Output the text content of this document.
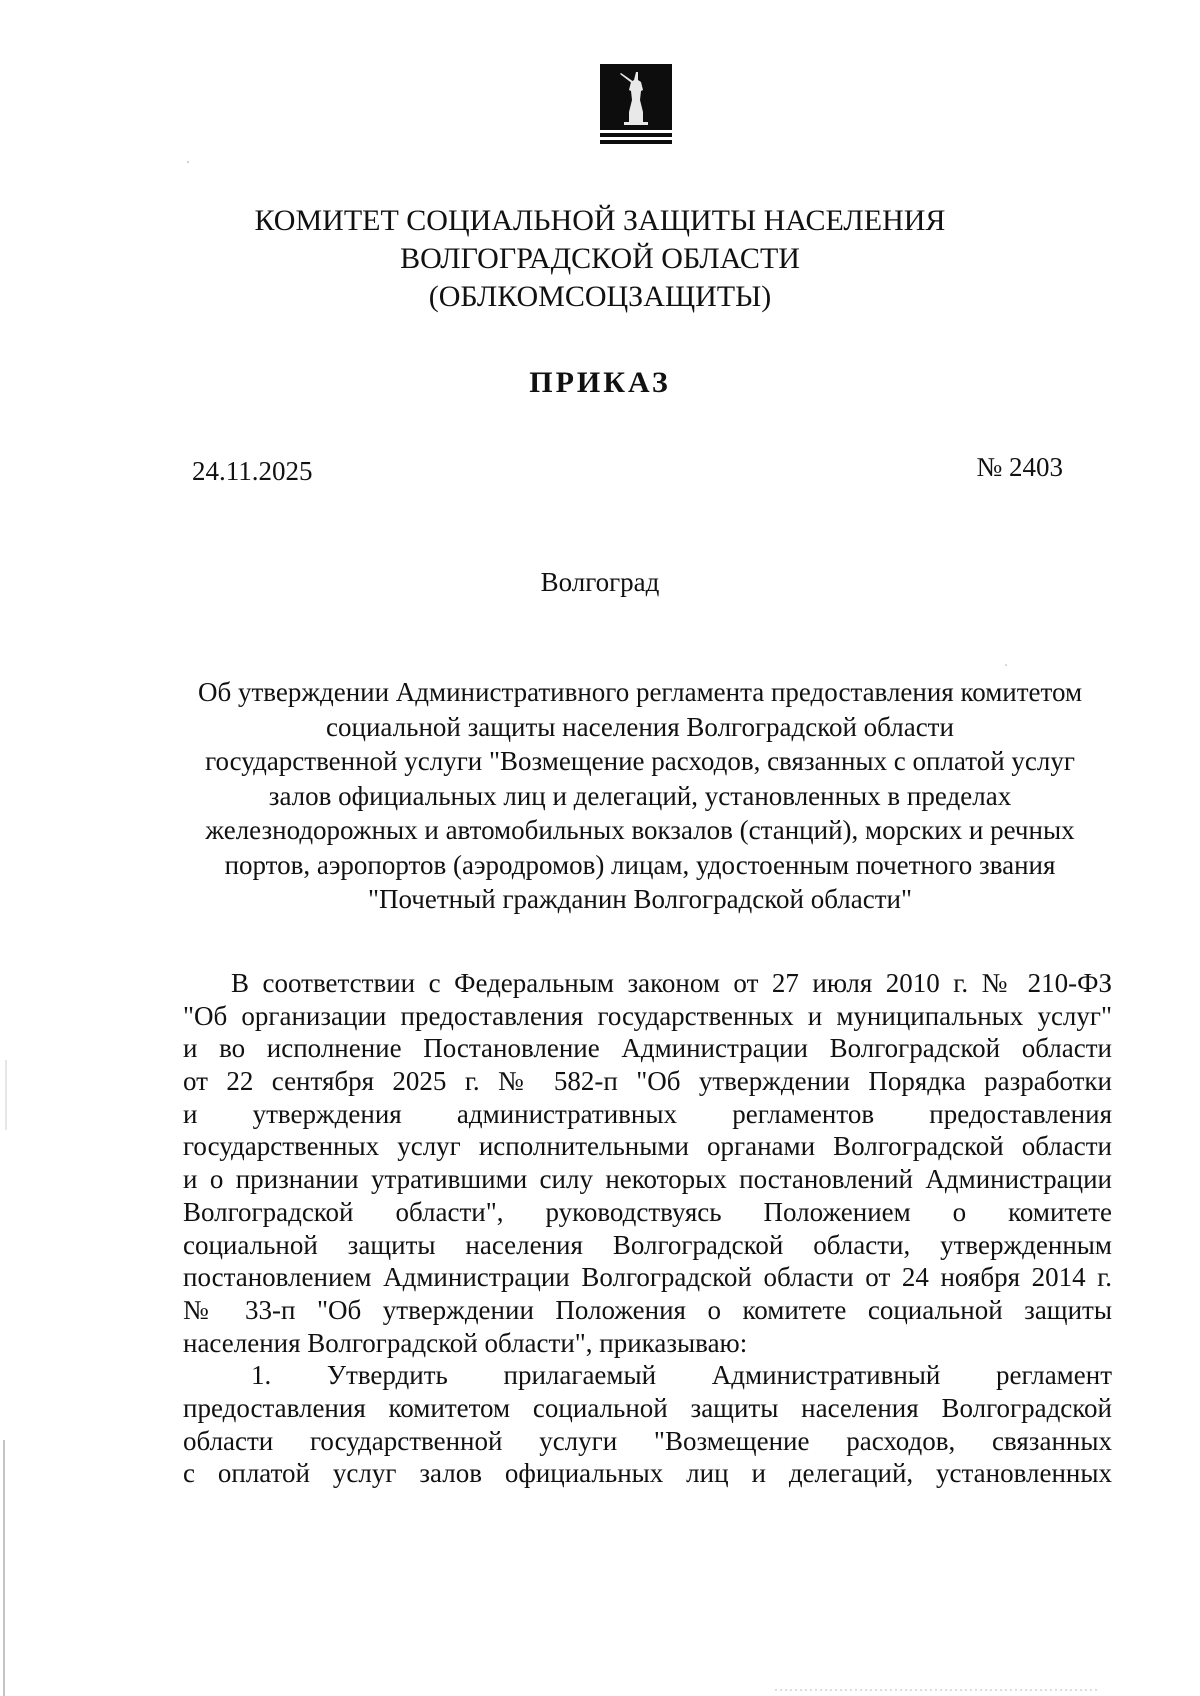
КОМИТЕТ СОЦИАЛЬНОЙ ЗАЩИТЫ НАСЕЛЕНИЯ
ВОЛГОГРАДСКОЙ ОБЛАСТИ
(ОБЛКОМСОЦЗАЩИТЫ)
ПРИКАЗ
24.11.2025	№ 2403
Волгоград
Об утверждении Административного регламента предоставления комитетом
социальной защиты населения Волгоградской области
государственной услуги "Возмещение расходов, связанных с оплатой услуг
залов официальных лиц и делегаций, установленных в пределах
железнодорожных и автомобильных вокзалов (станций), морских и речных
портов, аэропортов (аэродромов) лицам, удостоенным почетного звания
"Почетный гражданин Волгоградской области"
В соответствии с Федеральным законом от 27 июля 2010 г. № 210-ФЗ
"Об организации предоставления государственных и муниципальных услуг"
и во исполнение Постановление Администрации Волгоградской области
от 22 сентября 2025 г. № 582-п "Об утверждении Порядка разработки
и утверждения административных регламентов предоставления
государственных услуг исполнительными органами Волгоградской области
и о признании утратившими силу некоторых постановлений Администрации
Волгоградской области", руководствуясь Положением о комитете
социальной защиты населения Волгоградской области, утвержденным
постановлением Администрации Волгоградской области от 24 ноября 2014 г.
№ 33-п "Об утверждении Положения о комитете социальной защиты
населения Волгоградской области", приказываю:
1. Утвердить прилагаемый Административный регламент
предоставления комитетом социальной защиты населения Волгоградской
области государственной услуги "Возмещение расходов, связанных
с оплатой услуг залов официальных лиц и делегаций, установленных
